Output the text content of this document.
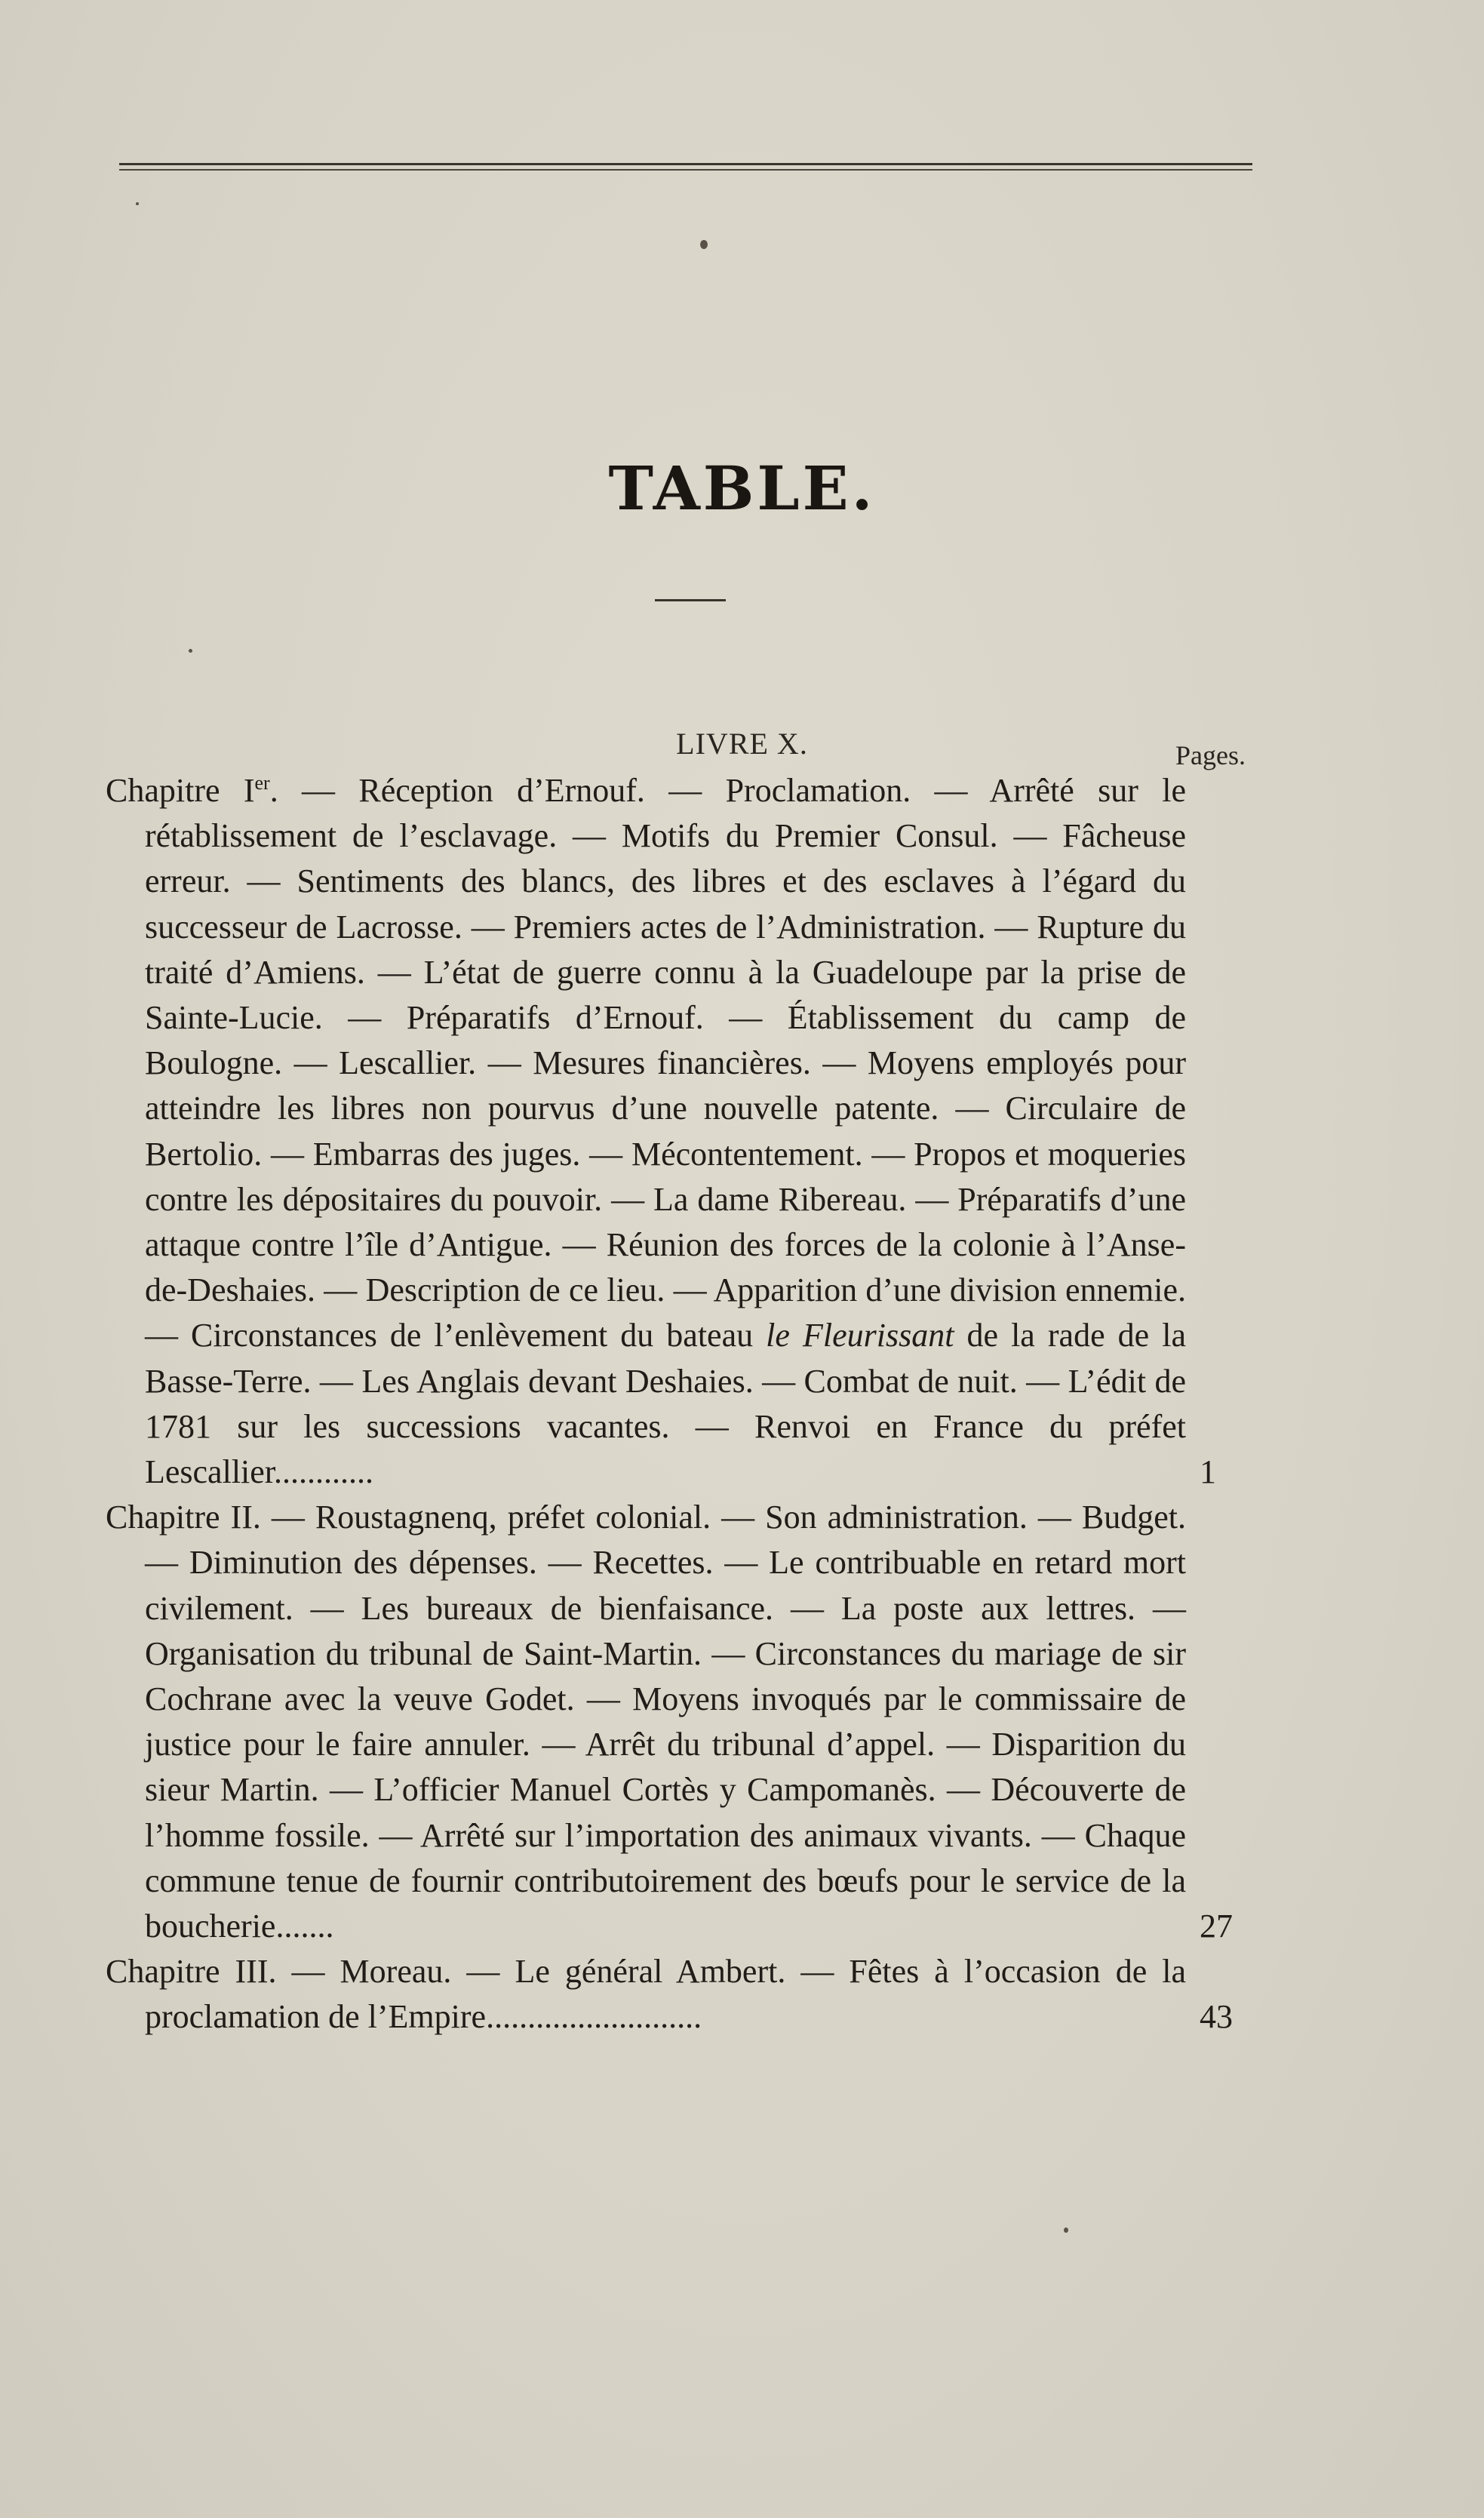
TABLE.
LIVRE X.	Pages.
Chapitre Ier. — Réception d’Ernouf. — Proclamation. — Arrêté sur le rétablissement de l’esclavage. — Motifs du Premier Consul. — Fâcheuse erreur. — Sentiments des blancs, des libres et des esclaves à l’égard du successeur de Lacrosse. — Premiers actes de l’Administration. — Rupture du traité d’Amiens. — L’état de guerre connu à la Guadeloupe par la prise de Sainte-Lucie. — Préparatifs d’Ernouf. — Établissement du camp de Boulogne. — Lescallier. — Mesures financières. — Moyens employés pour atteindre les libres non pourvus d’une nouvelle patente. — Circulaire de Bertolio. — Embarras des juges. — Mécontentement. — Propos et moqueries contre les dépositaires du pouvoir. — La dame Ribereau. — Préparatifs d’une attaque contre l’île d’Antigue. — Réunion des forces de la colonie à l’Anse-de-Deshaies. — Description de ce lieu. — Apparition d’une division ennemie. — Circonstances de l’enlèvement du bateau le Fleurissant de la rade de la Basse-Terre. — Les Anglais devant Deshaies. — Combat de nuit. — L’édit de 1781 sur les successions vacantes. — Renvoi en France du préfet Lescallier............	1
Chapitre II. — Roustagnenq, préfet colonial. — Son administration. — Budget. — Diminution des dépenses. — Recettes. — Le contribuable en retard mort civilement. — Les bureaux de bienfaisance. — La poste aux lettres. — Organisation du tribunal de Saint-Martin. — Circonstances du mariage de sir Cochrane avec la veuve Godet. — Moyens invoqués par le commissaire de justice pour le faire annuler. — Arrêt du tribunal d’appel. — Disparition du sieur Martin. — L’officier Manuel Cortès y Campomanès. — Découverte de l’homme fossile. — Arrêté sur l’importation des animaux vivants. — Chaque commune tenue de fournir contributoirement des bœufs pour le service de la boucherie.......	27
Chapitre III. — Moreau. — Le général Ambert. — Fêtes à l’occasion de la proclamation de l’Empire..........................	43
